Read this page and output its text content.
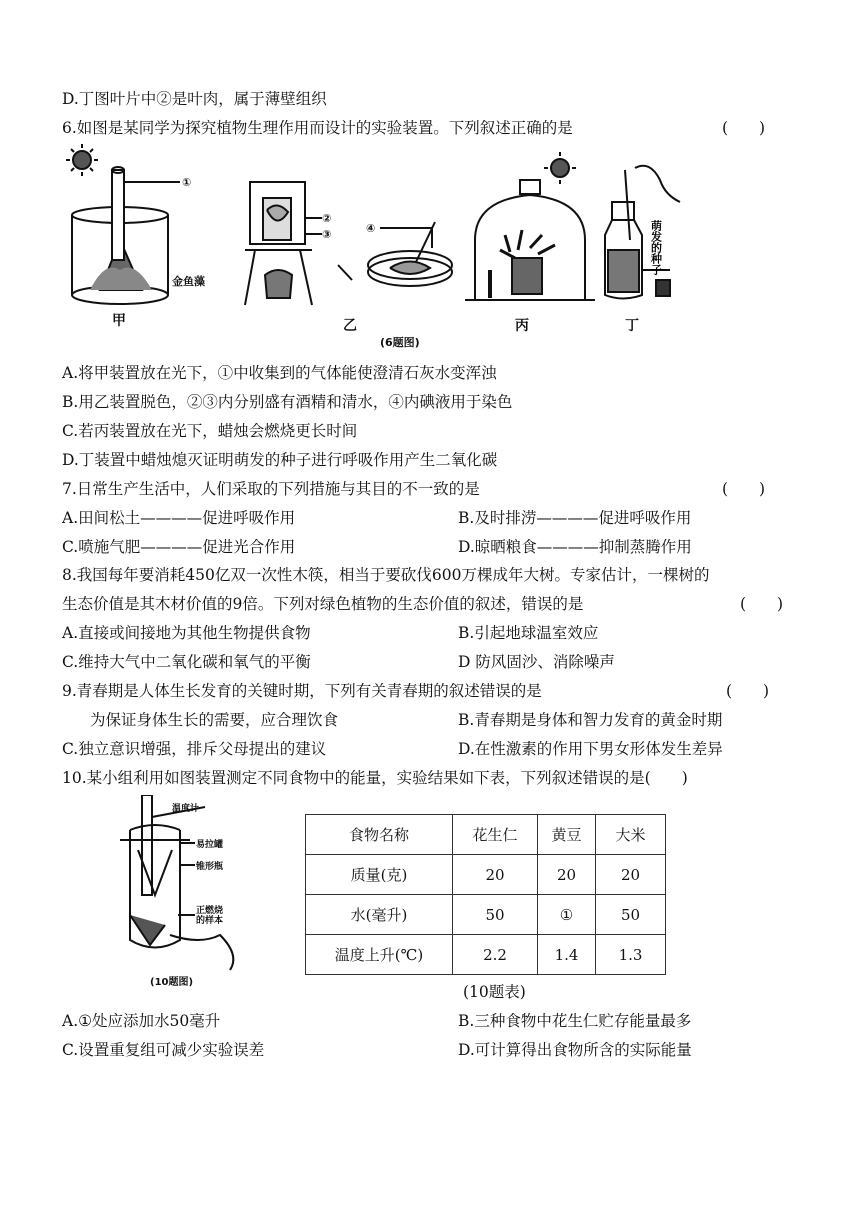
D.丁图叶片中②是叶肉，属于薄壁组织
6.如图是某同学为探究植物生理作用而设计的实验装置。下列叙述正确的是	(　　)
①
②
③	④
金鱼藻
萌发的种子
甲	乙	丙	丁
(6题图)
A.将甲装置放在光下，①中收集到的气体能使澄清石灰水变浑浊
B.用乙装置脱色，②③内分别盛有酒精和清水，④内碘液用于染色
C.若丙装置放在光下，蜡烛会燃烧更长时间
D.丁装置中蜡烛熄灭证明萌发的种子进行呼吸作用产生二氧化碳
7.日常生产生活中，人们采取的下列措施与其目的不一致的是	(　　)
A.田间松土————促进呼吸作用	B.及时排涝————促进呼吸作用
C.喷施气肥————促进光合作用	D.晾晒粮食————抑制蒸腾作用
8.我国每年要消耗450亿双一次性木筷，相当于要砍伐600万棵成年大树。专家估计，一棵树的
生态价值是其木材价值的9倍。下列对绿色植物的生态价值的叙述，错误的是	(　　)
A.直接或间接地为其他生物提供食物	B.引起地球温室效应
C.维持大气中二氧化碳和氧气的平衡	D 防风固沙、消除噪声
9.青春期是人体生长发育的关键时期，下列有关青春期的叙述错误的是	(　　)
为保证身体生长的需要，应合理饮食	B.青春期是身体和智力发育的黄金时期
C.独立意识增强，排斥父母提出的建议	D.在性激素的作用下男女形体发生差异
10.某小组利用如图装置测定不同食物中的能量，实验结果如下表，下列叙述错误的是(　　)
温度计
易拉罐
锥形瓶
正燃烧
的样本
(10题图)
食物名称	花生仁	黄豆	大米
质量(克)	20	20	20
水(毫升)	50	①	50
温度上升(℃)	2.2	1.4	1.3
(10题表)
A.①处应添加水50毫升	B.三种食物中花生仁贮存能量最多
C.设置重复组可减少实验误差	D.可计算得出食物所含的实际能量
